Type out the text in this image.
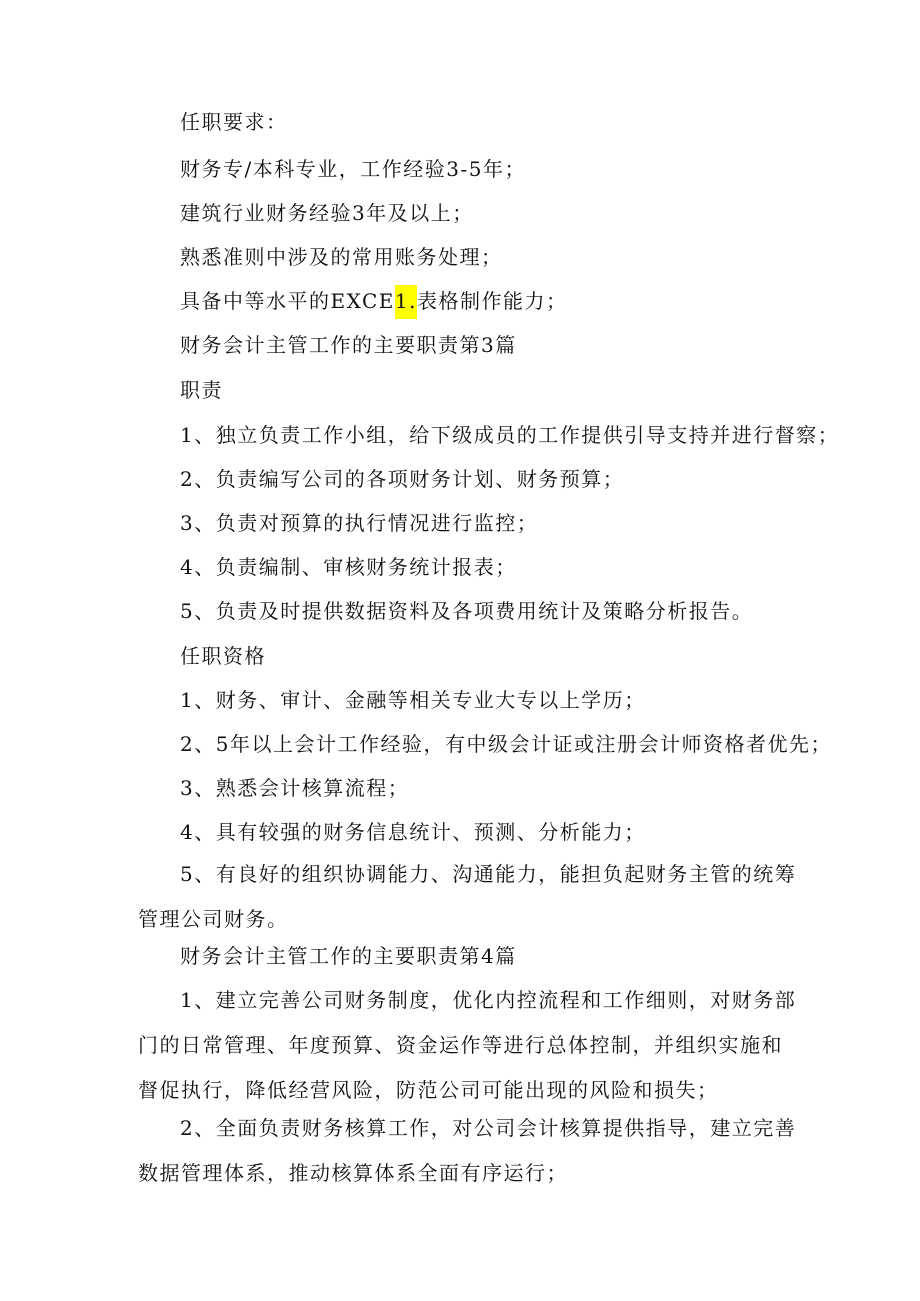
任职要求：

财务专/本科专业，工作经验3-5年；

建筑行业财务经验3年及以上；

熟悉准则中涉及的常用账务处理；

具备中等水平的EXCE1.表格制作能力；

财务会计主管工作的主要职责第3篇

职责

1、独立负责工作小组，给下级成员的工作提供引导支持并进行督察；

2、负责编写公司的各项财务计划、财务预算；

3、负责对预算的执行情况进行监控；

4、负责编制、审核财务统计报表；

5、负责及时提供数据资料及各项费用统计及策略分析报告。

任职资格

1、财务、审计、金融等相关专业大专以上学历；

2、5年以上会计工作经验，有中级会计证或注册会计师资格者优先；

3、熟悉会计核算流程；

4、具有较强的财务信息统计、预测、分析能力；

5、有良好的组织协调能力、沟通能力，能担负起财务主管的统筹管理公司财务。

财务会计主管工作的主要职责第4篇

1、建立完善公司财务制度，优化内控流程和工作细则，对财务部门的日常管理、年度预算、资金运作等进行总体控制，并组织实施和督促执行，降低经营风险，防范公司可能出现的风险和损失；

2、全面负责财务核算工作，对公司会计核算提供指导，建立完善数据管理体系，推动核算体系全面有序运行；
